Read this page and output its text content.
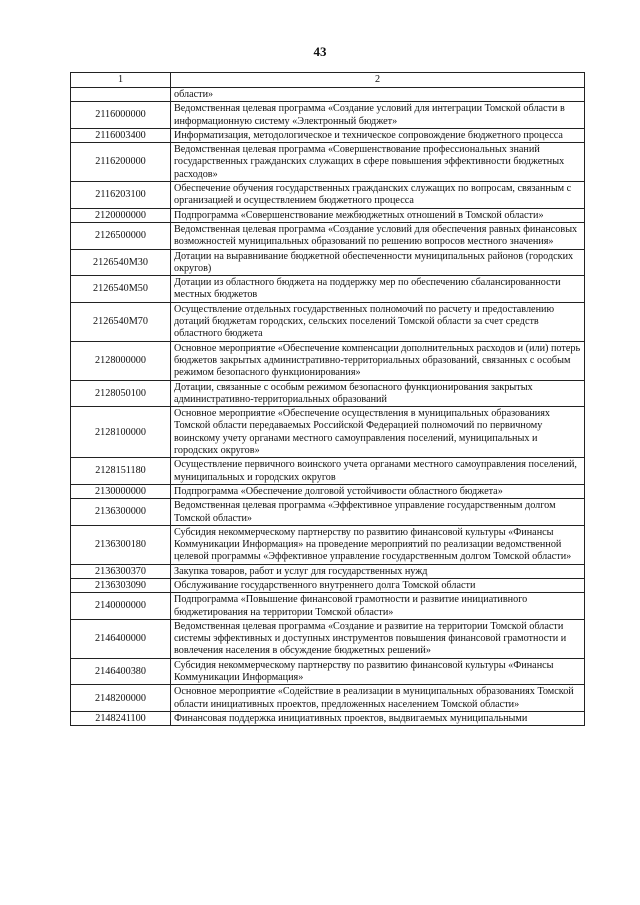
43
1	2
	области»
2116000000	Ведомственная целевая программа «Создание условий для интеграции Томской области в информационную систему «Электронный бюджет»
2116003400	Информатизация, методологическое и техническое сопровождение бюджетного процесса
2116200000	Ведомственная целевая программа «Совершенствование профессиональных знаний государственных гражданских служащих в сфере повышения эффективности бюджетных расходов»
2116203100	Обеспечение обучения государственных гражданских служащих по вопросам, связанным с организацией и осуществлением бюджетного процесса
2120000000	Подпрограмма «Совершенствование межбюджетных отношений в Томской области»
2126500000	Ведомственная целевая программа «Создание условий для обеспечения равных финансовых возможностей муниципальных образований по решению вопросов местного значения»
2126540М30	Дотации на выравнивание бюджетной обеспеченности муниципальных районов (городских округов)
2126540М50	Дотации из областного бюджета на поддержку мер по обеспечению сбалансированности местных бюджетов
2126540М70	Осуществление отдельных государственных полномочий по расчету и предоставлению дотаций бюджетам городских, сельских поселений Томской области за счет средств областного бюджета
2128000000	Основное мероприятие «Обеспечение компенсации дополнительных расходов и (или) потерь бюджетов закрытых административно-территориальных образований, связанных с особым режимом безопасного функционирования»
2128050100	Дотации, связанные с особым режимом безопасного функционирования закрытых административно-территориальных образований
2128100000	Основное мероприятие «Обеспечение осуществления в муниципальных образованиях Томской области передаваемых Российской Федерацией полномочий по первичному воинскому учету органами местного самоуправления поселений, муниципальных и городских округов»
2128151180	Осуществление первичного воинского учета органами местного самоуправления поселений, муниципальных и городских округов
2130000000	Подпрограмма «Обеспечение долговой устойчивости областного бюджета»
2136300000	Ведомственная целевая программа «Эффективное управление государственным долгом Томской области»
2136300180	Субсидия некоммерческому партнерству по развитию финансовой культуры «Финансы Коммуникации Информация» на проведение мероприятий по реализации ведомственной целевой программы «Эффективное управление государственным долгом Томской области»
2136300370	Закупка товаров, работ и услуг для государственных нужд
2136303090	Обслуживание государственного внутреннего долга Томской области
2140000000	Подпрограмма «Повышение финансовой грамотности и развитие инициативного бюджетирования на территории Томской области»
2146400000	Ведомственная целевая программа «Создание и развитие на территории Томской области системы эффективных и доступных инструментов повышения финансовой грамотности и вовлечения населения в обсуждение бюджетных решений»
2146400380	Субсидия некоммерческому партнерству по развитию финансовой культуры «Финансы Коммуникации Информация»
2148200000	Основное мероприятие «Содействие в реализации в муниципальных образованиях Томской области инициативных проектов, предложенных населением Томской области»
2148241100	Финансовая поддержка инициативных проектов, выдвигаемых муниципальными
